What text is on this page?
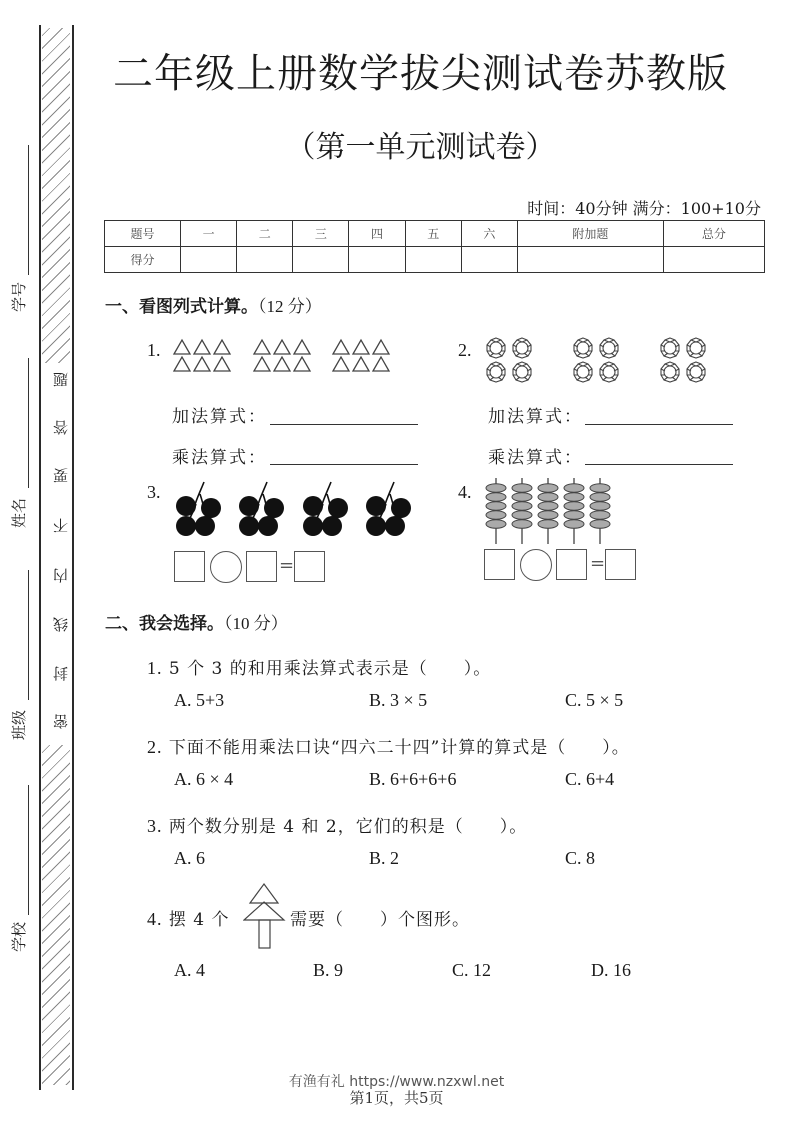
题
答
要
不
内
线
封
密
学号
姓名
班级
学校
二年级上册数学拔尖测试卷苏教版
（第一单元测试卷）
时间：40分钟 满分：100+10分
题号	一	二	三	四	五	六	附加题	总分
得分								
一、看图列式计算。（12 分）
1.
加法算式：
乘法算式：
2.
加法算式：
乘法算式：
3.
=
4.
=
二、我会选择。（10 分）
1. 5 个 3 的和用乘法算式表示是（　　）。
A. 5+3	B. 3 × 5	C. 5 × 5
2. 下面不能用乘法口诀“四六二十四”计算的算式是（　　）。
A. 6 × 4	B. 6+6+6+6	C. 6+4
3. 两个数分别是 4 和 2，它们的积是（　　）。
A. 6	B. 2	C. 8
4. 摆 4 个	需要（　　）个图形。
A. 4	B. 9	C. 12	D. 16
有渔有礼 https://www.nzxwl.net
第1页，共5页
